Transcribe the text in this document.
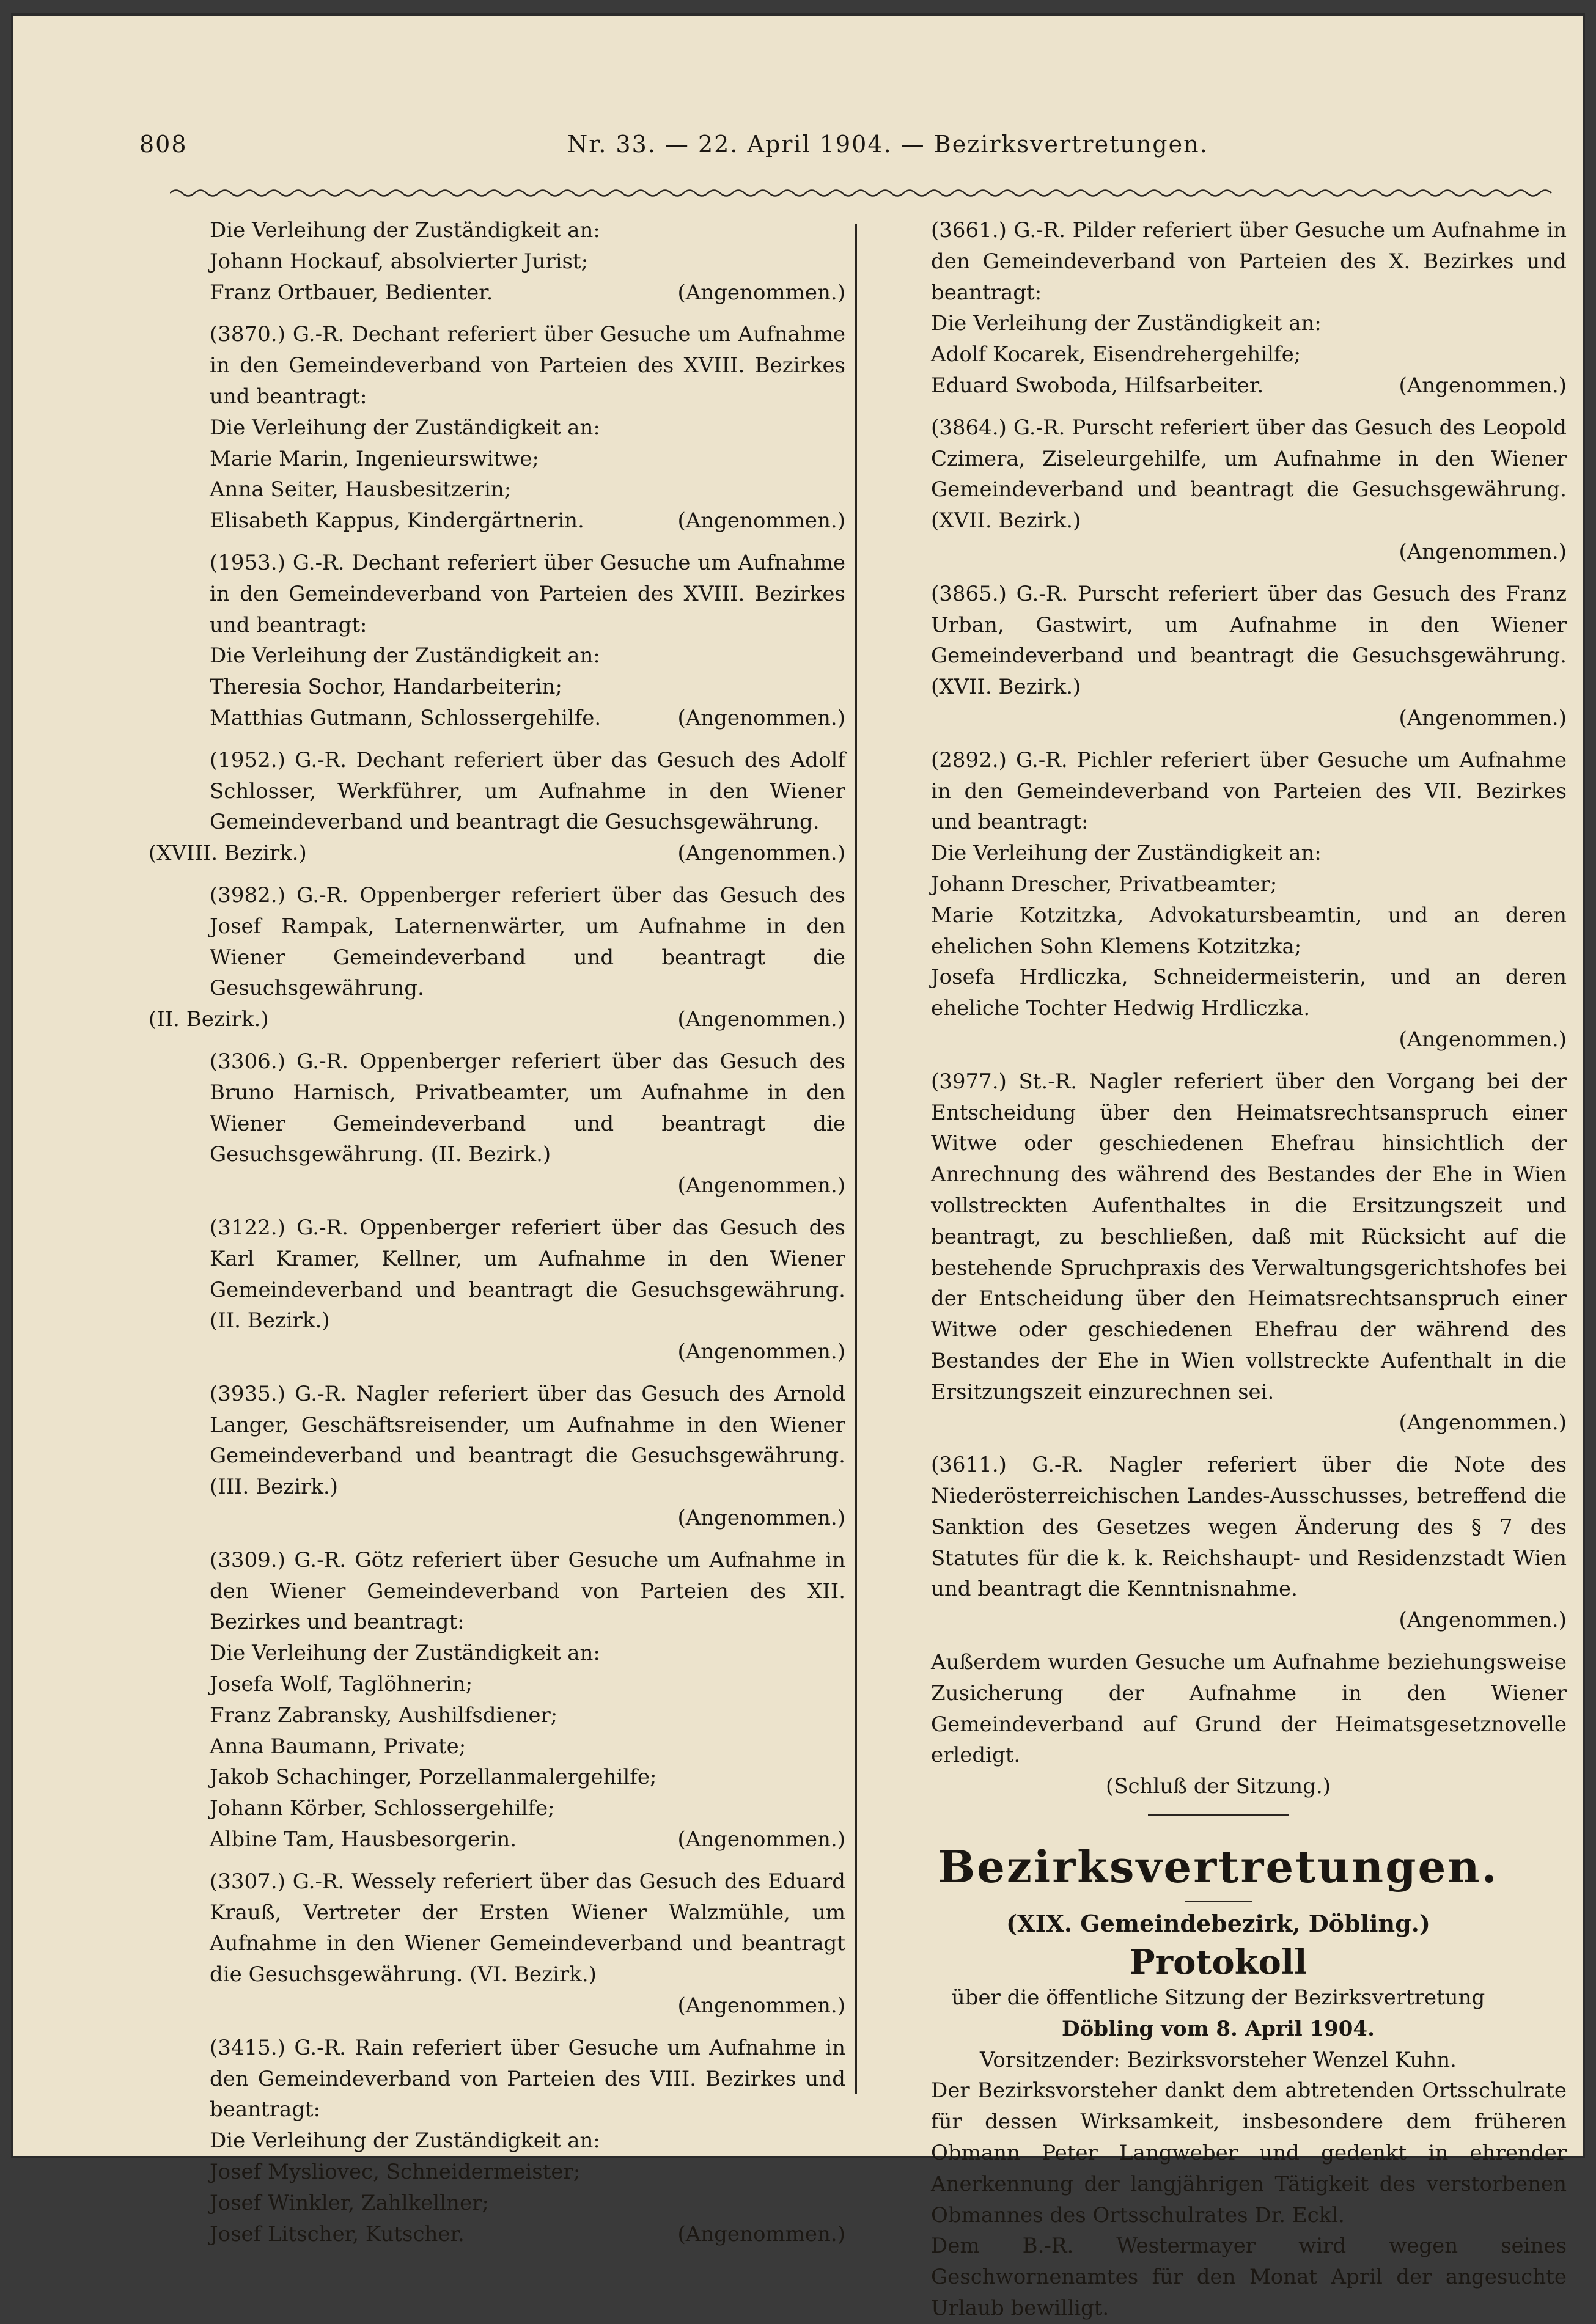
808	Nr. 33. — 22. April 1904. — Bezirksvertretungen.

Die Verleihung der Zuständigkeit an:

Johann Hockauf, absolvierter Jurist;

Franz Ortbauer, Bedienter.	(Angenommen.)

(3870.) G.-R. Dechant referiert über Gesuche um Aufnahme in den Gemeindeverband von Parteien des XVIII. Bezirkes und beantragt:

Die Verleihung der Zuständigkeit an:

Marie Marin, Ingenieurswitwe;

Anna Seiter, Hausbesitzerin;

Elisabeth Kappus, Kindergärtnerin.	(Angenommen.)

(1953.) G.-R. Dechant referiert über Gesuche um Aufnahme in den Gemeindeverband von Parteien des XVIII. Bezirkes und beantragt:

Die Verleihung der Zuständigkeit an:

Theresia Sochor, Handarbeiterin;

Matthias Gutmann, Schlossergehilfe.	(Angenommen.)

(1952.) G.-R. Dechant referiert über das Gesuch des Adolf Schlosser, Werkführer, um Aufnahme in den Wiener Gemeindeverband und beantragt die Gesuchsgewährung.

(XVIII. Bezirk.)	(Angenommen.)

(3982.) G.-R. Oppenberger referiert über das Gesuch des Josef Rampak, Laternenwärter, um Aufnahme in den Wiener Gemeindeverband und beantragt die Gesuchsgewährung.

(II. Bezirk.)	(Angenommen.)

(3306.) G.-R. Oppenberger referiert über das Gesuch des Bruno Harnisch, Privatbeamter, um Aufnahme in den Wiener Gemeindeverband und beantragt die Gesuchsgewährung. (II. Bezirk.)

(Angenommen.)

(3122.) G.-R. Oppenberger referiert über das Gesuch des Karl Kramer, Kellner, um Aufnahme in den Wiener Gemeindeverband und beantragt die Gesuchsgewährung. (II. Bezirk.)

(Angenommen.)

(3935.) G.-R. Nagler referiert über das Gesuch des Arnold Langer, Geschäftsreisender, um Aufnahme in den Wiener Gemeindeverband und beantragt die Gesuchsgewährung. (III. Bezirk.)

(Angenommen.)

(3309.) G.-R. Götz referiert über Gesuche um Aufnahme in den Wiener Gemeindeverband von Parteien des XII. Bezirkes und beantragt:

Die Verleihung der Zuständigkeit an:

Josefa Wolf, Taglöhnerin;

Franz Zabransky, Aushilfsdiener;

Anna Baumann, Private;

Jakob Schachinger, Porzellanmalergehilfe;

Johann Körber, Schlossergehilfe;

Albine Tam, Hausbesorgerin.	(Angenommen.)

(3307.) G.-R. Wessely referiert über das Gesuch des Eduard Krauß, Vertreter der Ersten Wiener Walzmühle, um Aufnahme in den Wiener Gemeindeverband und beantragt die Gesuchsgewährung. (VI. Bezirk.)

(Angenommen.)

(3415.) G.-R. Rain referiert über Gesuche um Aufnahme in den Gemeindeverband von Parteien des VIII. Bezirkes und beantragt:

Die Verleihung der Zuständigkeit an:

Josef Mysliovec, Schneidermeister;

Josef Winkler, Zahlkellner;

Josef Litscher, Kutscher.	(Angenommen.)

(3661.) G.-R. Pilder referiert über Gesuche um Aufnahme in den Gemeindeverband von Parteien des X. Bezirkes und beantragt:

Die Verleihung der Zuständigkeit an:

Adolf Kocarek, Eisendrehergehilfe;

Eduard Swoboda, Hilfsarbeiter.	(Angenommen.)

(3864.) G.-R. Purscht referiert über das Gesuch des Leopold Czimera, Ziseleurgehilfe, um Aufnahme in den Wiener Gemeindeverband und beantragt die Gesuchsgewährung. (XVII. Bezirk.)

(Angenommen.)

(3865.) G.-R. Purscht referiert über das Gesuch des Franz Urban, Gastwirt, um Aufnahme in den Wiener Gemeindeverband und beantragt die Gesuchsgewährung. (XVII. Bezirk.)

(Angenommen.)

(2892.) G.-R. Pichler referiert über Gesuche um Aufnahme in den Gemeindeverband von Parteien des VII. Bezirkes und beantragt:

Die Verleihung der Zuständigkeit an:

Johann Drescher, Privatbeamter;

Marie Kotzitzka, Advokatursbeamtin, und an deren ehelichen Sohn Klemens Kotzitzka;

Josefa Hrdliczka, Schneidermeisterin, und an deren eheliche Tochter Hedwig Hrdliczka.

(Angenommen.)

(3977.) St.-R. Nagler referiert über den Vorgang bei der Entscheidung über den Heimatsrechtsanspruch einer Witwe oder geschiedenen Ehefrau hinsichtlich der Anrechnung des während des Bestandes der Ehe in Wien vollstreckten Aufenthaltes in die Ersitzungszeit und beantragt, zu beschließen, daß mit Rücksicht auf die bestehende Spruchpraxis des Verwaltungsgerichtshofes bei der Entscheidung über den Heimatsrechtsanspruch einer Witwe oder geschiedenen Ehefrau der während des Bestandes der Ehe in Wien vollstreckte Aufenthalt in die Ersitzungszeit einzurechnen sei.

(Angenommen.)

(3611.) G.-R. Nagler referiert über die Note des Niederösterreichischen Landes-Ausschusses, betreffend die Sanktion des Gesetzes wegen Änderung des § 7 des Statutes für die k. k. Reichshaupt- und Residenzstadt Wien und beantragt die Kenntnisnahme.

(Angenommen.)

Außerdem wurden Gesuche um Aufnahme beziehungsweise Zusicherung der Aufnahme in den Wiener Gemeindeverband auf Grund der Heimatsgesetznovelle erledigt.

(Schluß der Sitzung.)

Bezirksvertretungen.
(XIX. Gemeindebezirk, Döbling.)
Protokoll

über die öffentliche Sitzung der Bezirksvertretung

Döbling vom 8. April 1904.

Vorsitzender: Bezirksvorsteher Wenzel Kuhn.

Der Bezirksvorsteher dankt dem abtretenden Ortsschulrate für dessen Wirksamkeit, insbesondere dem früheren Obmann Peter Langweber und gedenkt in ehrender Anerkennung der langjährigen Tätigkeit des verstorbenen Obmannes des Ortsschulrates Dr. Eckl.

Dem B.-R. Westermayer wird wegen seines Geschwornenamtes für den Monat April der angesuchte Urlaub bewilligt.
